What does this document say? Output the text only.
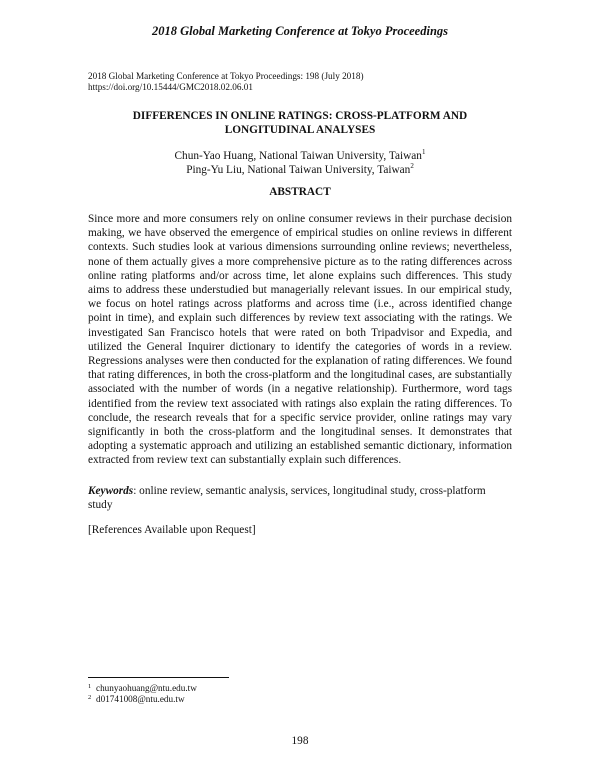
2018 Global Marketing Conference at Tokyo Proceedings
2018 Global Marketing Conference at Tokyo Proceedings: 198 (July 2018)
https://doi.org/10.15444/GMC2018.02.06.01
DIFFERENCES IN ONLINE RATINGS: CROSS-PLATFORM AND
LONGITUDINAL ANALYSES
Chun-Yao Huang, National Taiwan University, Taiwan$^1$
Ping-Yu Liu, National Taiwan University, Taiwan$^2$
ABSTRACT
Since more and more consumers rely on online consumer reviews in their purchase decision making, we have observed the emergence of empirical studies on online reviews in different contexts. Such studies look at various dimensions surrounding online reviews; nevertheless, none of them actually gives a more comprehensive picture as to the rating differences across online rating platforms and/or across time, let alone explains such differences. This study aims to address these understudied but managerially relevant issues. In our empirical study, we focus on hotel ratings across platforms and across time (i.e., across identified change point in time), and explain such differences by review text associating with the ratings. We investigated San Francisco hotels that were rated on both Tripadvisor and Expedia, and utilized the General Inquirer dictionary to identify the categories of words in a review. Regressions analyses were then conducted for the explanation of rating differences. We found that rating differences, in both the cross-platform and the longitudinal cases, are substantially associated with the number of words (in a negative relationship). Furthermore, word tags identified from the review text associated with ratings also explain the rating differences. To conclude, the research reveals that for a specific service provider, online ratings may vary significantly in both the cross-platform and the longitudinal senses. It demonstrates that adopting a systematic approach and utilizing an established semantic dictionary, information extracted from review text can substantially explain such differences.
Keywords: online review, semantic analysis, services, longitudinal study, cross-platform study
[References Available upon Request]
1 chunyaohuang@ntu.edu.tw
2 d01741008@ntu.edu.tw
198
